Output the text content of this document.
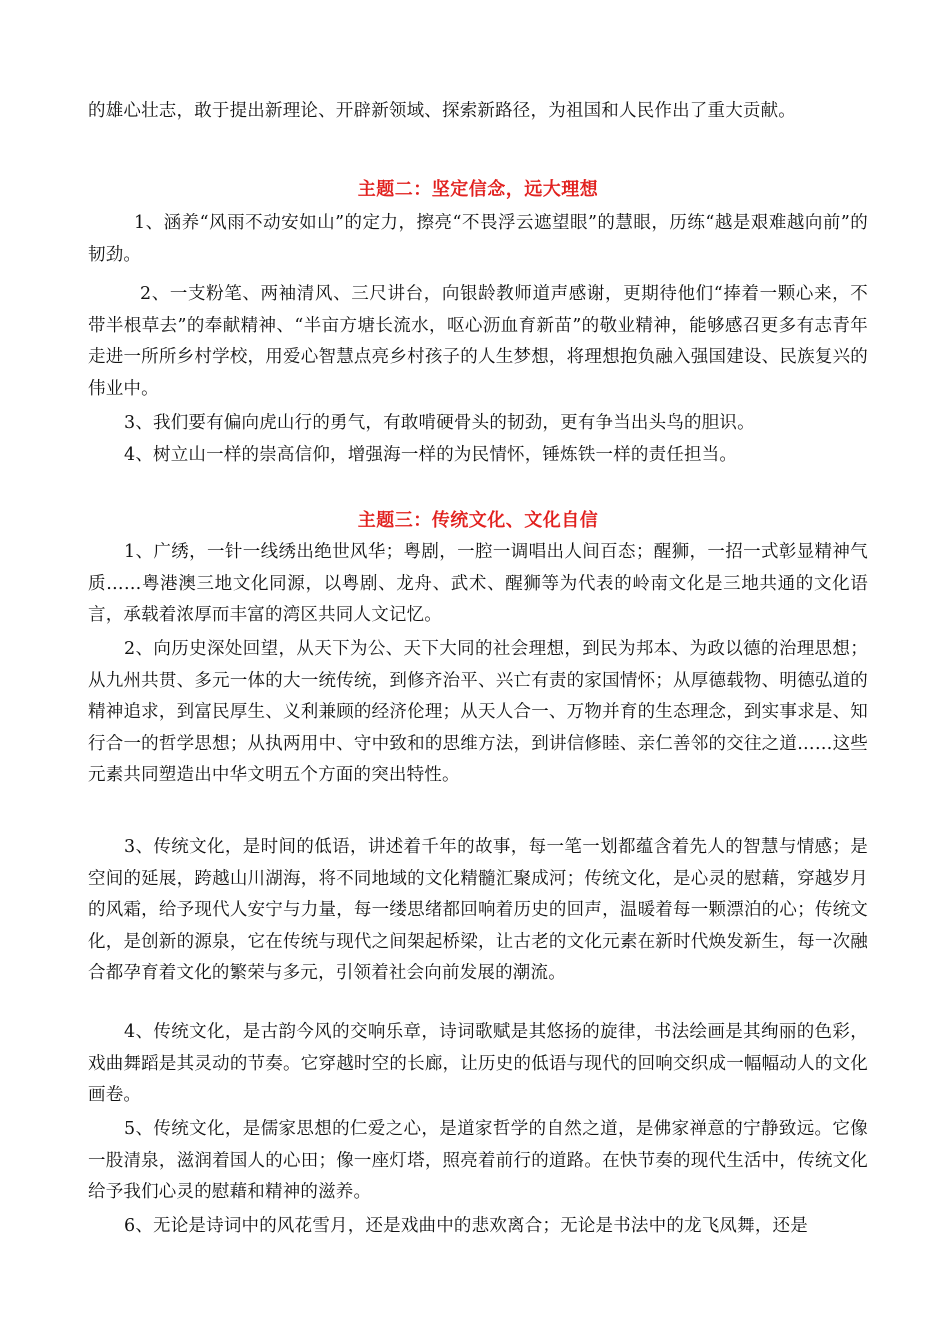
的雄心壮志，敢于提出新理论、开辟新领域、探索新路径，为祖国和人民作出了重大贡献。

主题二：坚定信念，远大理想

1、涵养“风雨不动安如山”的定力，擦亮“不畏浮云遮望眼”的慧眼，历练“越是艰难越向前”的韧劲。

2、一支粉笔、两袖清风、三尺讲台，向银龄教师道声感谢，更期待他们“捧着一颗心来，不带半根草去”的奉献精神、“半亩方塘长流水，呕心沥血育新苗”的敬业精神，能够感召更多有志青年走进一所所乡村学校，用爱心智慧点亮乡村孩子的人生梦想，将理想抱负融入强国建设、民族复兴的伟业中。

3、我们要有偏向虎山行的勇气，有敢啃硬骨头的韧劲，更有争当出头鸟的胆识。

4、树立山一样的崇高信仰，增强海一样的为民情怀，锤炼铁一样的责任担当。

主题三：传统文化、文化自信

1、广绣，一针一线绣出绝世风华；粤剧，一腔一调唱出人间百态；醒狮，一招一式彰显精神气质……粤港澳三地文化同源，以粤剧、龙舟、武术、醒狮等为代表的岭南文化是三地共通的文化语言，承载着浓厚而丰富的湾区共同人文记忆。

2、向历史深处回望，从天下为公、天下大同的社会理想，到民为邦本、为政以德的治理思想；从九州共贯、多元一体的大一统传统，到修齐治平、兴亡有责的家国情怀；从厚德载物、明德弘道的精神追求，到富民厚生、义利兼顾的经济伦理；从天人合一、万物并育的生态理念，到实事求是、知行合一的哲学思想；从执两用中、守中致和的思维方法，到讲信修睦、亲仁善邻的交往之道……这些元素共同塑造出中华文明五个方面的突出特性。

3、传统文化，是时间的低语，讲述着千年的故事，每一笔一划都蕴含着先人的智慧与情感；是空间的延展，跨越山川湖海，将不同地域的文化精髓汇聚成河；传统文化，是心灵的慰藉，穿越岁月的风霜，给予现代人安宁与力量，每一缕思绪都回响着历史的回声，温暖着每一颗漂泊的心；传统文化，是创新的源泉，它在传统与现代之间架起桥梁，让古老的文化元素在新时代焕发新生，每一次融合都孕育着文化的繁荣与多元，引领着社会向前发展的潮流。

4、传统文化，是古韵今风的交响乐章，诗词歌赋是其悠扬的旋律，书法绘画是其绚丽的色彩，戏曲舞蹈是其灵动的节奏。它穿越时空的长廊，让历史的低语与现代的回响交织成一幅幅动人的文化画卷。

5、传统文化，是儒家思想的仁爱之心，是道家哲学的自然之道，是佛家禅意的宁静致远。它像一股清泉，滋润着国人的心田；像一座灯塔，照亮着前行的道路。在快节奏的现代生活中，传统文化给予我们心灵的慰藉和精神的滋养。

6、无论是诗词中的风花雪月，还是戏曲中的悲欢离合；无论是书法中的龙飞凤舞，还是
